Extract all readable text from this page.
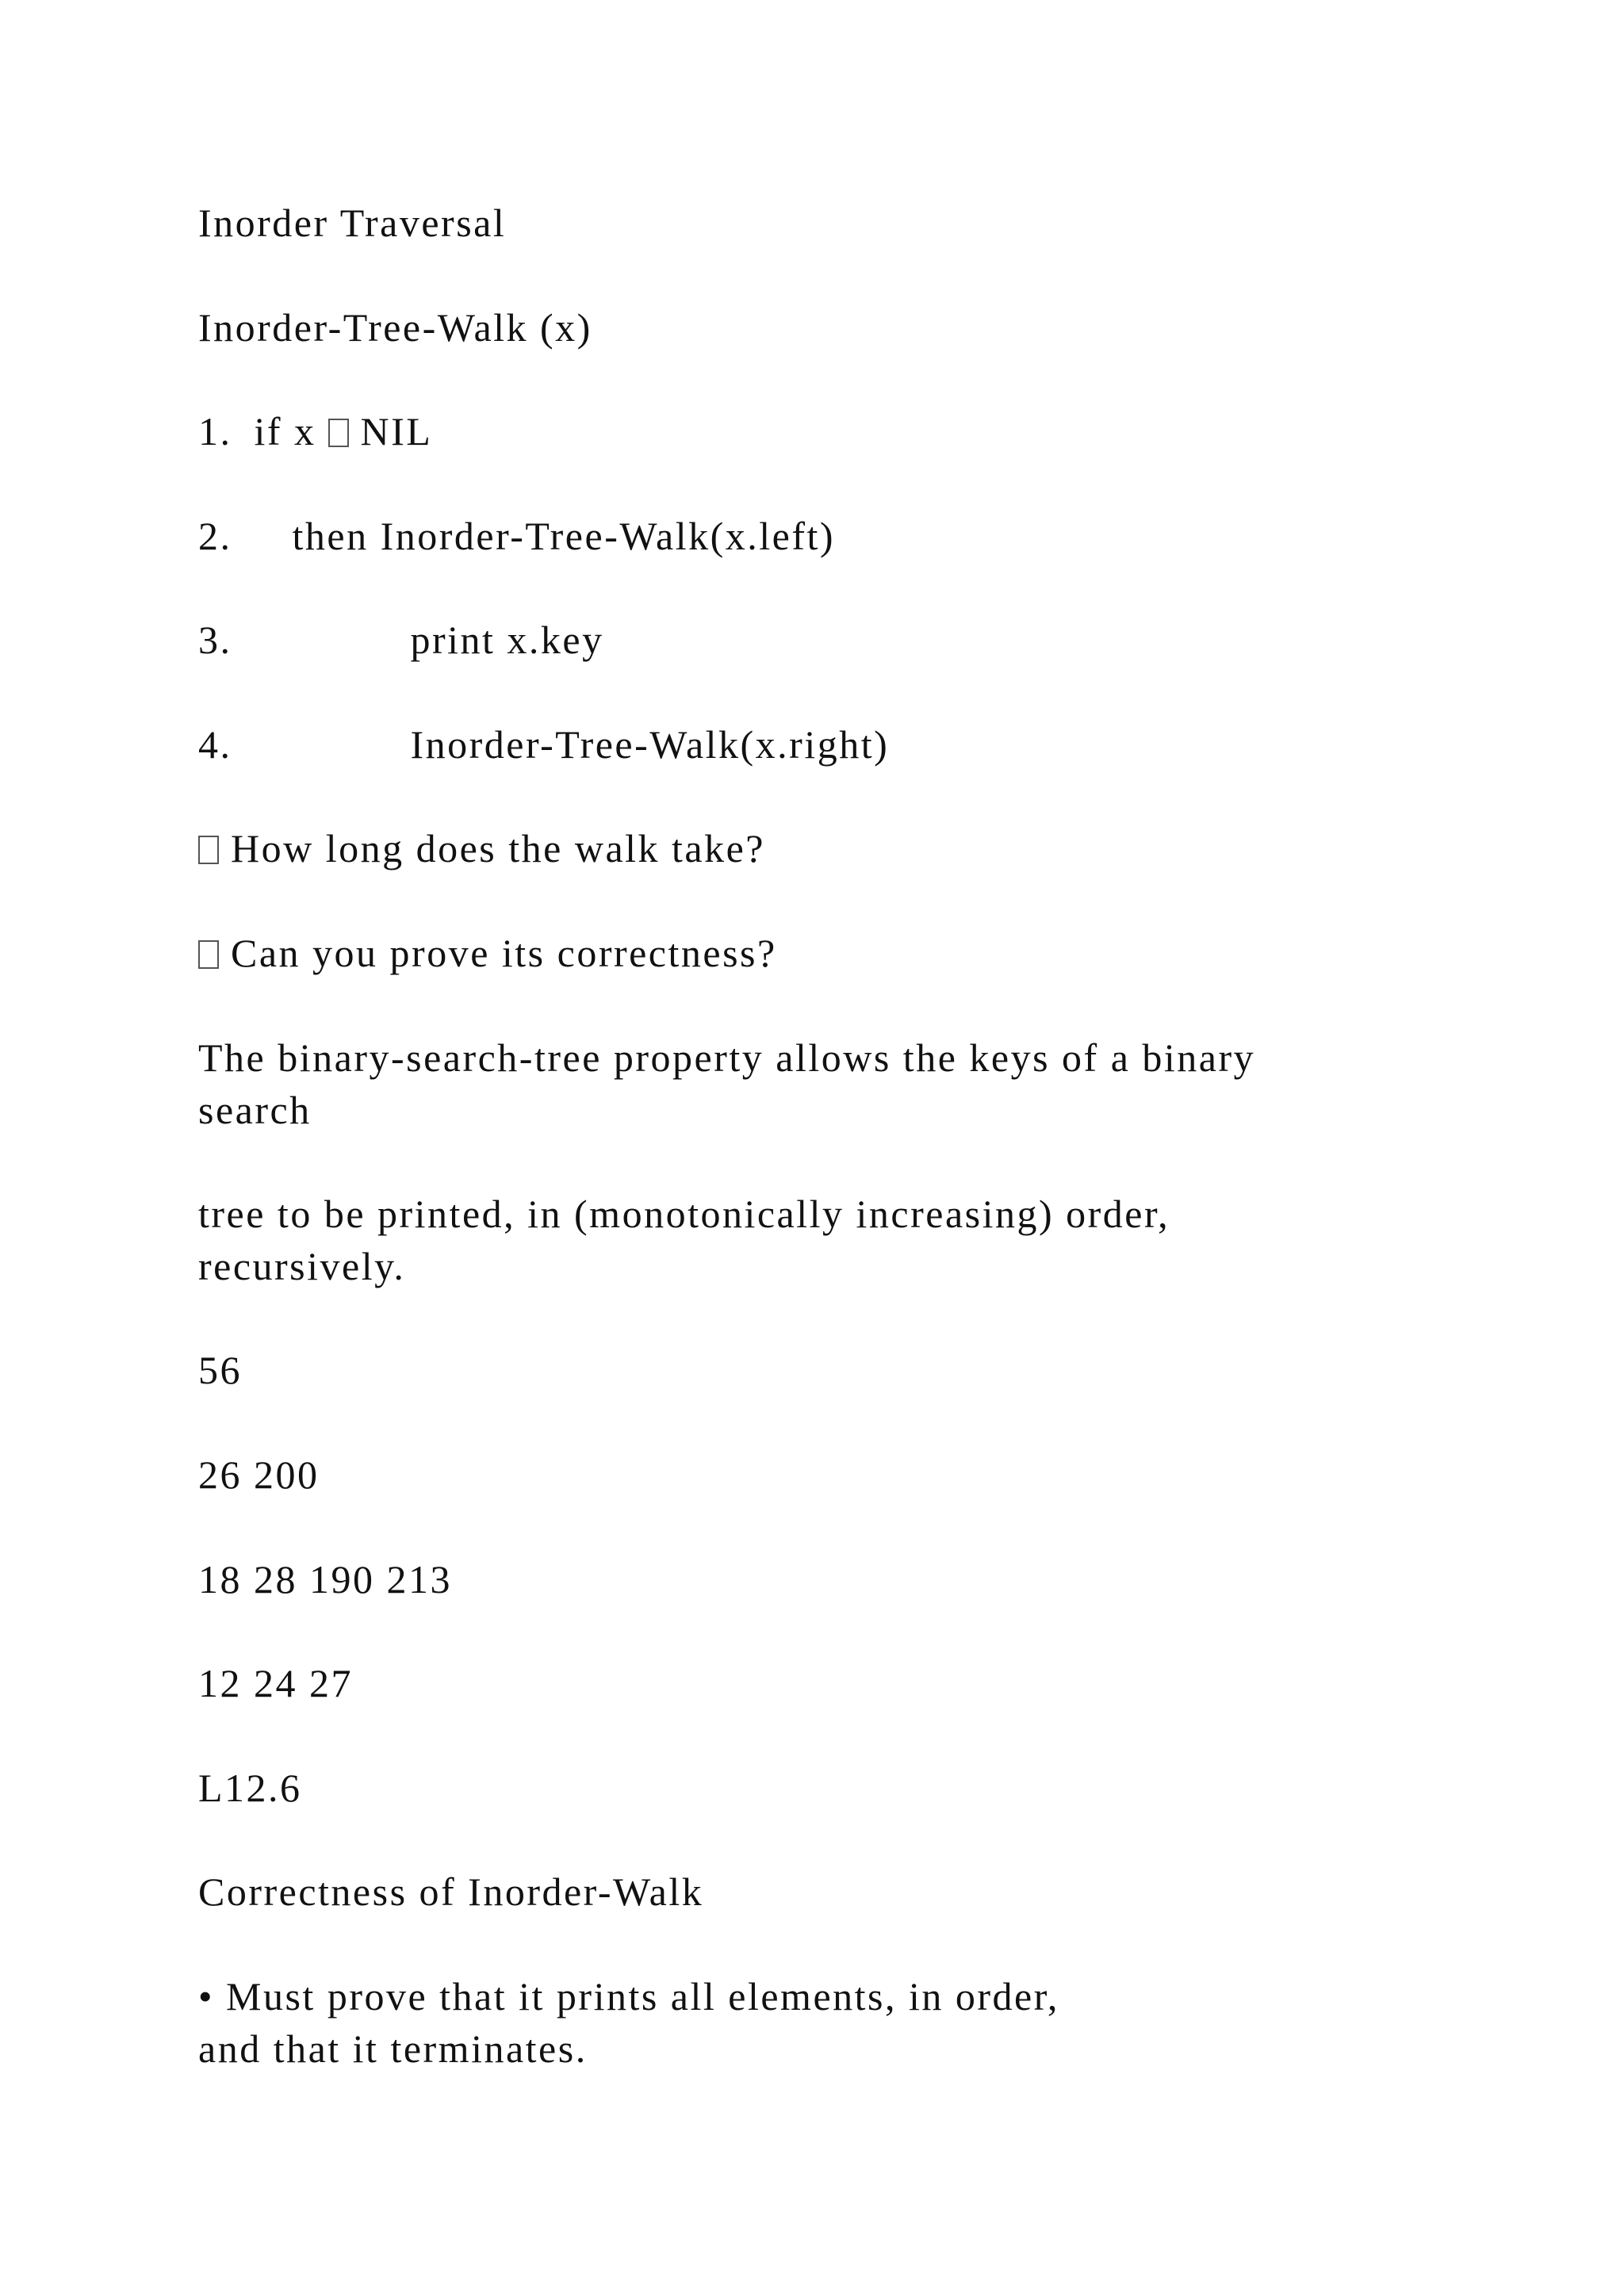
Inorder Traversal
Inorder-Tree-Walk (x)
1. if x NIL
2. then Inorder-Tree-Walk(x.left)
3.	print x.key
4.	Inorder-Tree-Walk(x.right)
How long does the walk take?
Can you prove its correctness?
The binary-search-tree property allows the keys of a binary
search
tree to be printed, in (monotonically increasing) order,
recursively.
56
26 200
18 28 190 213
12 24 27
L12.6
Correctness of Inorder-Walk
• Must prove that it prints all elements, in order,
and that it terminates.
